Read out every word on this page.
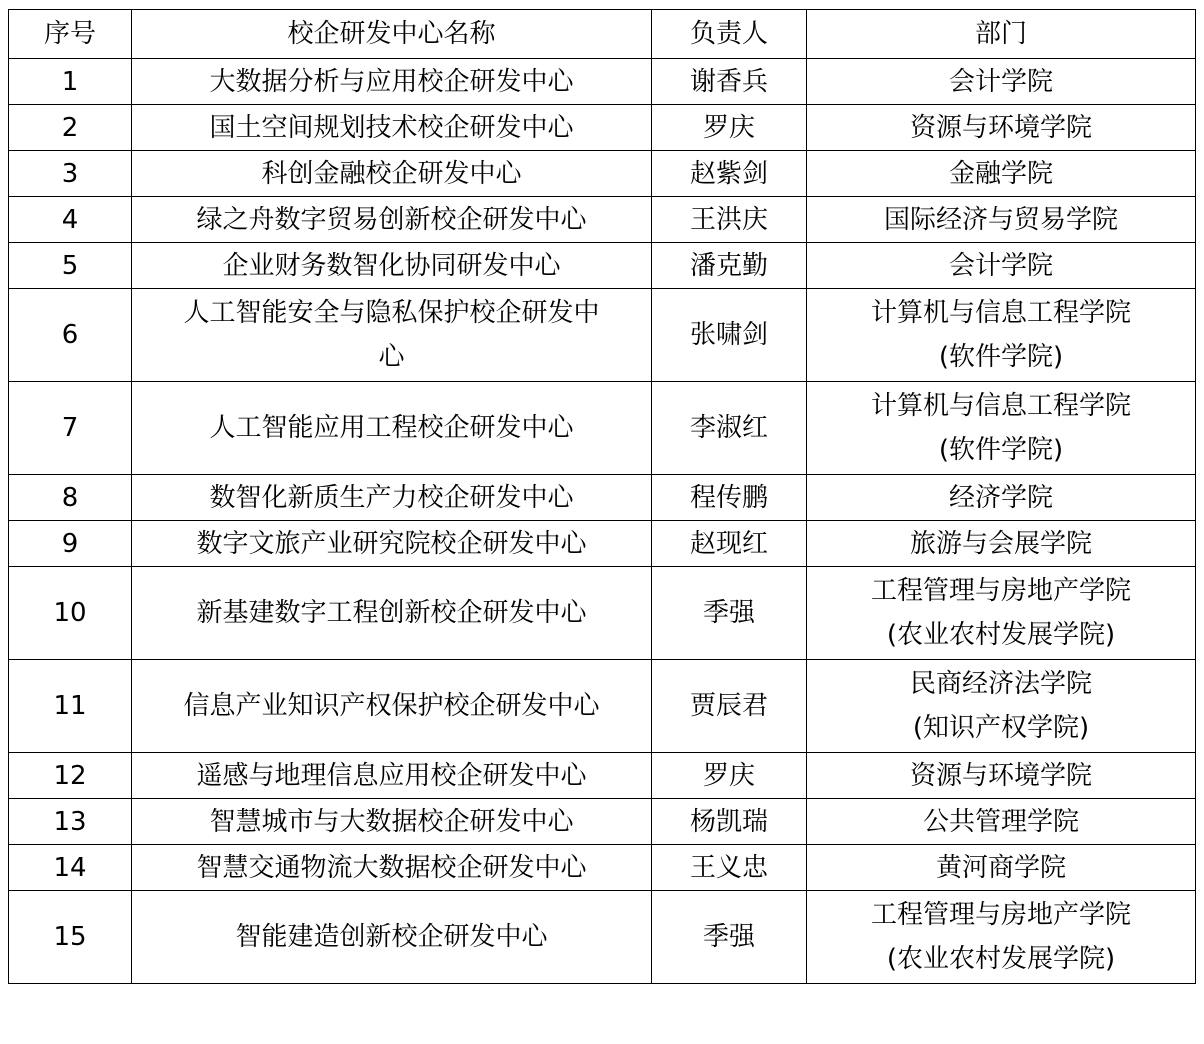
序号	校企研发中心名称	负责人	部门
1	大数据分析与应用校企研发中心	谢香兵	会计学院

2	国土空间规划技术校企研发中心	罗庆	资源与环境学院

3	科创金融校企研发中心	赵紫剑	金融学院

4	绿之舟数字贸易创新校企研发中心	王洪庆	国际经济与贸易学院

5	企业财务数智化协同研发中心	潘克勤	会计学院

6	人工智能安全与隐私保护校企研发中
心	张啸剑	计算机与信息工程学院
(软件学院)

7	人工智能应用工程校企研发中心	李淑红	计算机与信息工程学院
(软件学院)

8	数智化新质生产力校企研发中心	程传鹏	经济学院

9	数字文旅产业研究院校企研发中心	赵现红	旅游与会展学院

10	新基建数字工程创新校企研发中心	季强	工程管理与房地产学院
(农业农村发展学院)

11	信息产业知识产权保护校企研发中心	贾辰君	民商经济法学院
(知识产权学院)

12	遥感与地理信息应用校企研发中心	罗庆	资源与环境学院

13	智慧城市与大数据校企研发中心	杨凯瑞	公共管理学院

14	智慧交通物流大数据校企研发中心	王义忠	黄河商学院

15	智能建造创新校企研发中心	季强	工程管理与房地产学院
(农业农村发展学院)
